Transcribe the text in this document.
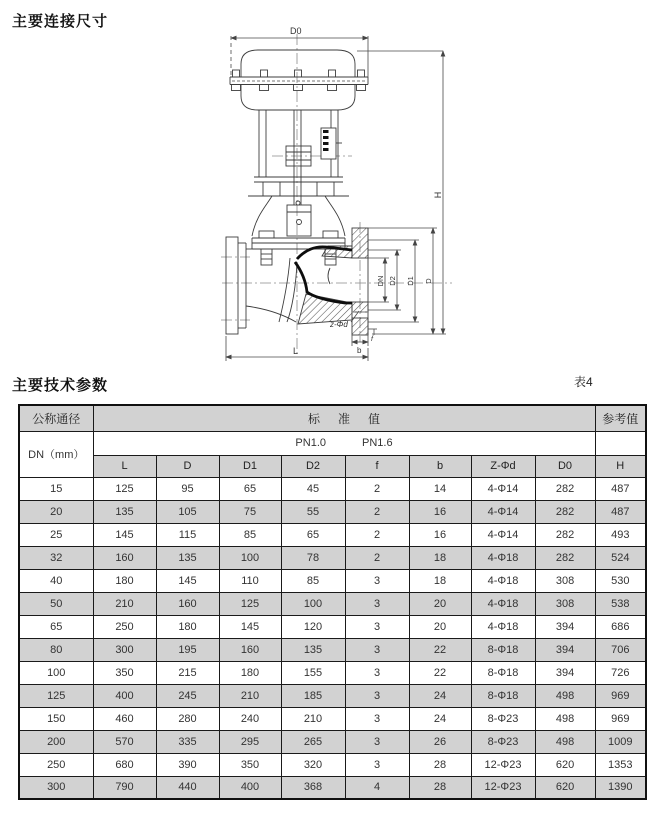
主要连接尺寸
D0
H
DN D2 D1 D
z-Φd
b
f
L
主要技术参数	表4
公称通径	标准值								参考值
DN（mm）	PN1.0 PN1.6								

	L	D	D1	D2	f	b	Z-Φd	D0	H
15	125	95	65	45	2	14	4-Φ14	282	487
20	135	105	75	55	2	16	4-Φ14	282	487
25	145	115	85	65	2	16	4-Φ14	282	493
32	160	135	100	78	2	18	4-Φ18	282	524
40	180	145	110	85	3	18	4-Φ18	308	530
50	210	160	125	100	3	20	4-Φ18	308	538
65	250	180	145	120	3	20	4-Φ18	394	686
80	300	195	160	135	3	22	8-Φ18	394	706
100	350	215	180	155	3	22	8-Φ18	394	726
125	400	245	210	185	3	24	8-Φ18	498	969
150	460	280	240	210	3	24	8-Φ23	498	969
200	570	335	295	265	3	26	8-Φ23	498	1009
250	680	390	350	320	3	28	12-Φ23	620	1353
300	790	440	400	368	4	28	12-Φ23	620	1390
